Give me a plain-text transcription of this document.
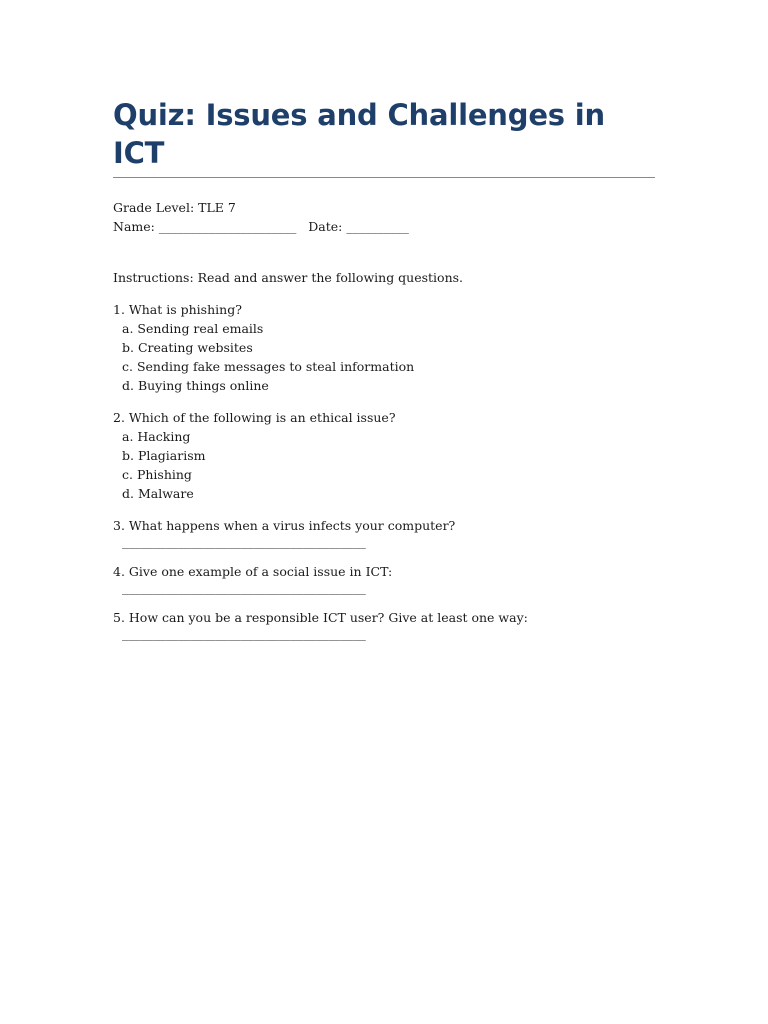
Quiz: Issues and Challenges in ICT
Grade Level: TLE 7
Name: ______________________   Date: __________
Instructions: Read and answer the following questions.
1. What is phishing?
a. Sending real emails
b. Creating websites
c. Sending fake messages to steal information
d. Buying things online
2. Which of the following is an ethical issue?
a. Hacking
b. Plagiarism
c. Phishing
d. Malware
3. What happens when a virus infects your computer?
_______________________________________
4. Give one example of a social issue in ICT:
_______________________________________
5. How can you be a responsible ICT user? Give at least one way:
_______________________________________
